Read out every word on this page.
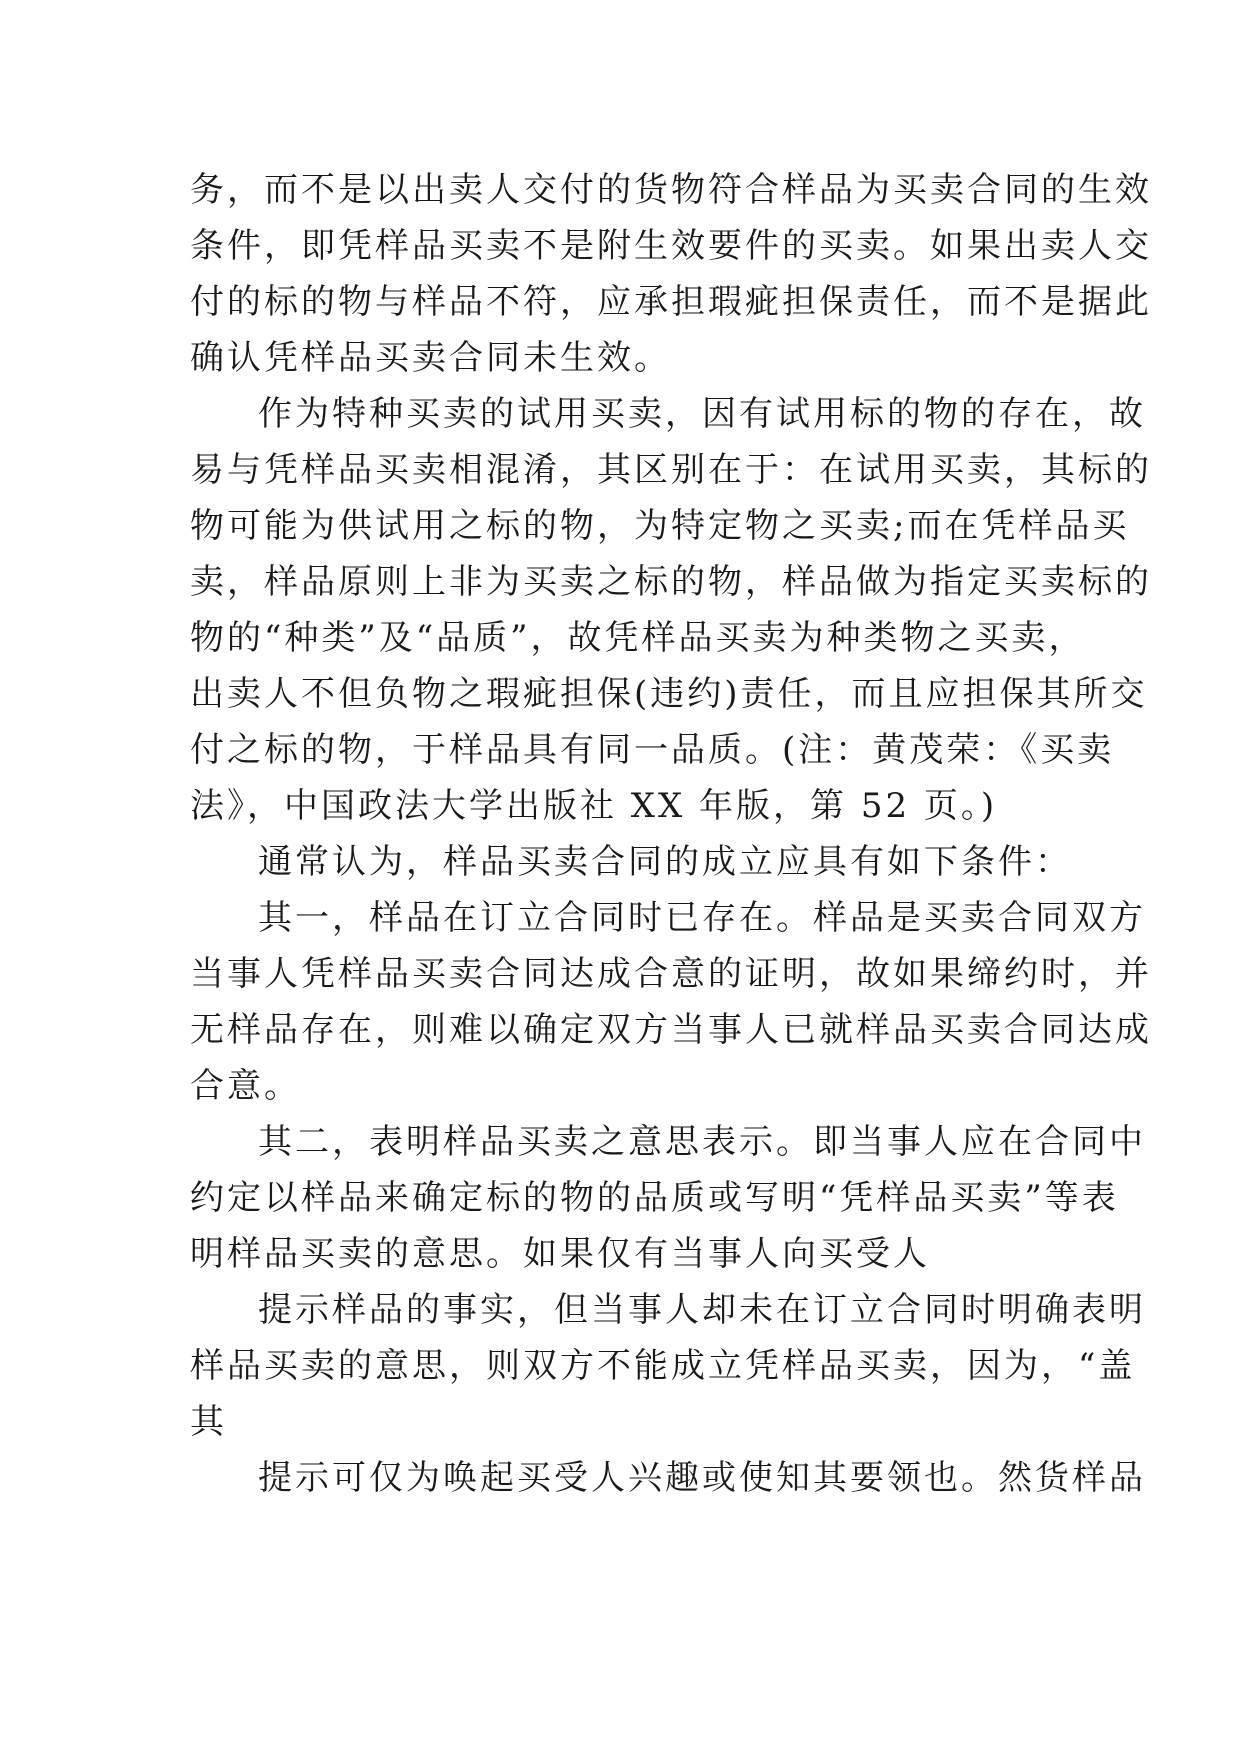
务，而不是以出卖人交付的货物符合样品为买卖合同的生效
条件，即凭样品买卖不是附生效要件的买卖。如果出卖人交
付的标的物与样品不符，应承担瑕疵担保责任，而不是据此
确认凭样品买卖合同未生效。
作为特种买卖的试用买卖，因有试用标的物的存在，故
易与凭样品买卖相混淆，其区别在于：在试用买卖，其标的
物可能为供试用之标的物，为特定物之买卖;而在凭样品买
卖，样品原则上非为买卖之标的物，样品做为指定买卖标的
物的“种类”及“品质”，故凭样品买卖为种类物之买卖，
出卖人不但负物之瑕疵担保(违约)责任，而且应担保其所交
付之标的物，于样品具有同一品质。(注：黄茂荣：《买卖
法》，中国政法大学出版社 XX 年版，第 52 页。)
通常认为，样品买卖合同的成立应具有如下条件：
其一，样品在订立合同时已存在。样品是买卖合同双方
当事人凭样品买卖合同达成合意的证明，故如果缔约时，并
无样品存在，则难以确定双方当事人已就样品买卖合同达成
合意。
其二，表明样品买卖之意思表示。即当事人应在合同中
约定以样品来确定标的物的品质或写明“凭样品买卖”等表
明样品买卖的意思。如果仅有当事人向买受人
提示样品的事实，但当事人却未在订立合同时明确表明
样品买卖的意思，则双方不能成立凭样品买卖，因为，“盖
其
提示可仅为唤起买受人兴趣或使知其要领也。然货样品
